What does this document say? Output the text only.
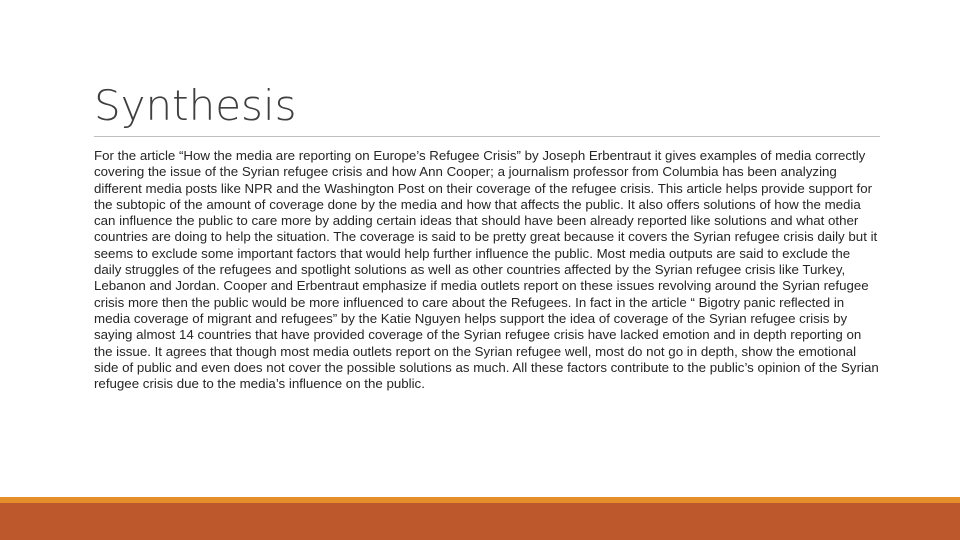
Synthesis

For the article “How the media are reporting on Europe’s Refugee Crisis” by Joseph Erbentraut it gives examples of media correctly covering the issue of the Syrian refugee crisis and how Ann Cooper; a journalism professor from Columbia has been analyzing different media posts like NPR and the Washington Post on their coverage of the refugee crisis. This article helps provide support for the subtopic of the amount of coverage done by the media and how that affects the public. It also offers solutions of how the media can influence the public to care more by adding certain ideas that should have been already reported like solutions and what other countries are doing to help the situation. The coverage is said to be pretty great because it covers the Syrian refugee crisis daily but it seems to exclude some important factors that would help further influence the public. Most media outputs are said to exclude the daily struggles of the refugees and spotlight solutions as well as other countries affected by the Syrian refugee crisis like Turkey, Lebanon and Jordan. Cooper and Erbentraut emphasize if media outlets report on these issues revolving around the Syrian refugee crisis more then the public would be more influenced to care about the Refugees. In fact in the article “ Bigotry panic reflected in media coverage of migrant and refugees” by the Katie Nguyen helps support the idea of coverage of the Syrian refugee crisis by saying almost 14 countries that have provided coverage of the Syrian refugee crisis have lacked emotion and in depth reporting on the issue. It agrees that though most media outlets report on the Syrian refugee well, most do not go in depth, show the emotional side of public and even does not cover the possible solutions as much. All these factors contribute to the public’s opinion of the Syrian refugee crisis due to the media’s influence on the public.
